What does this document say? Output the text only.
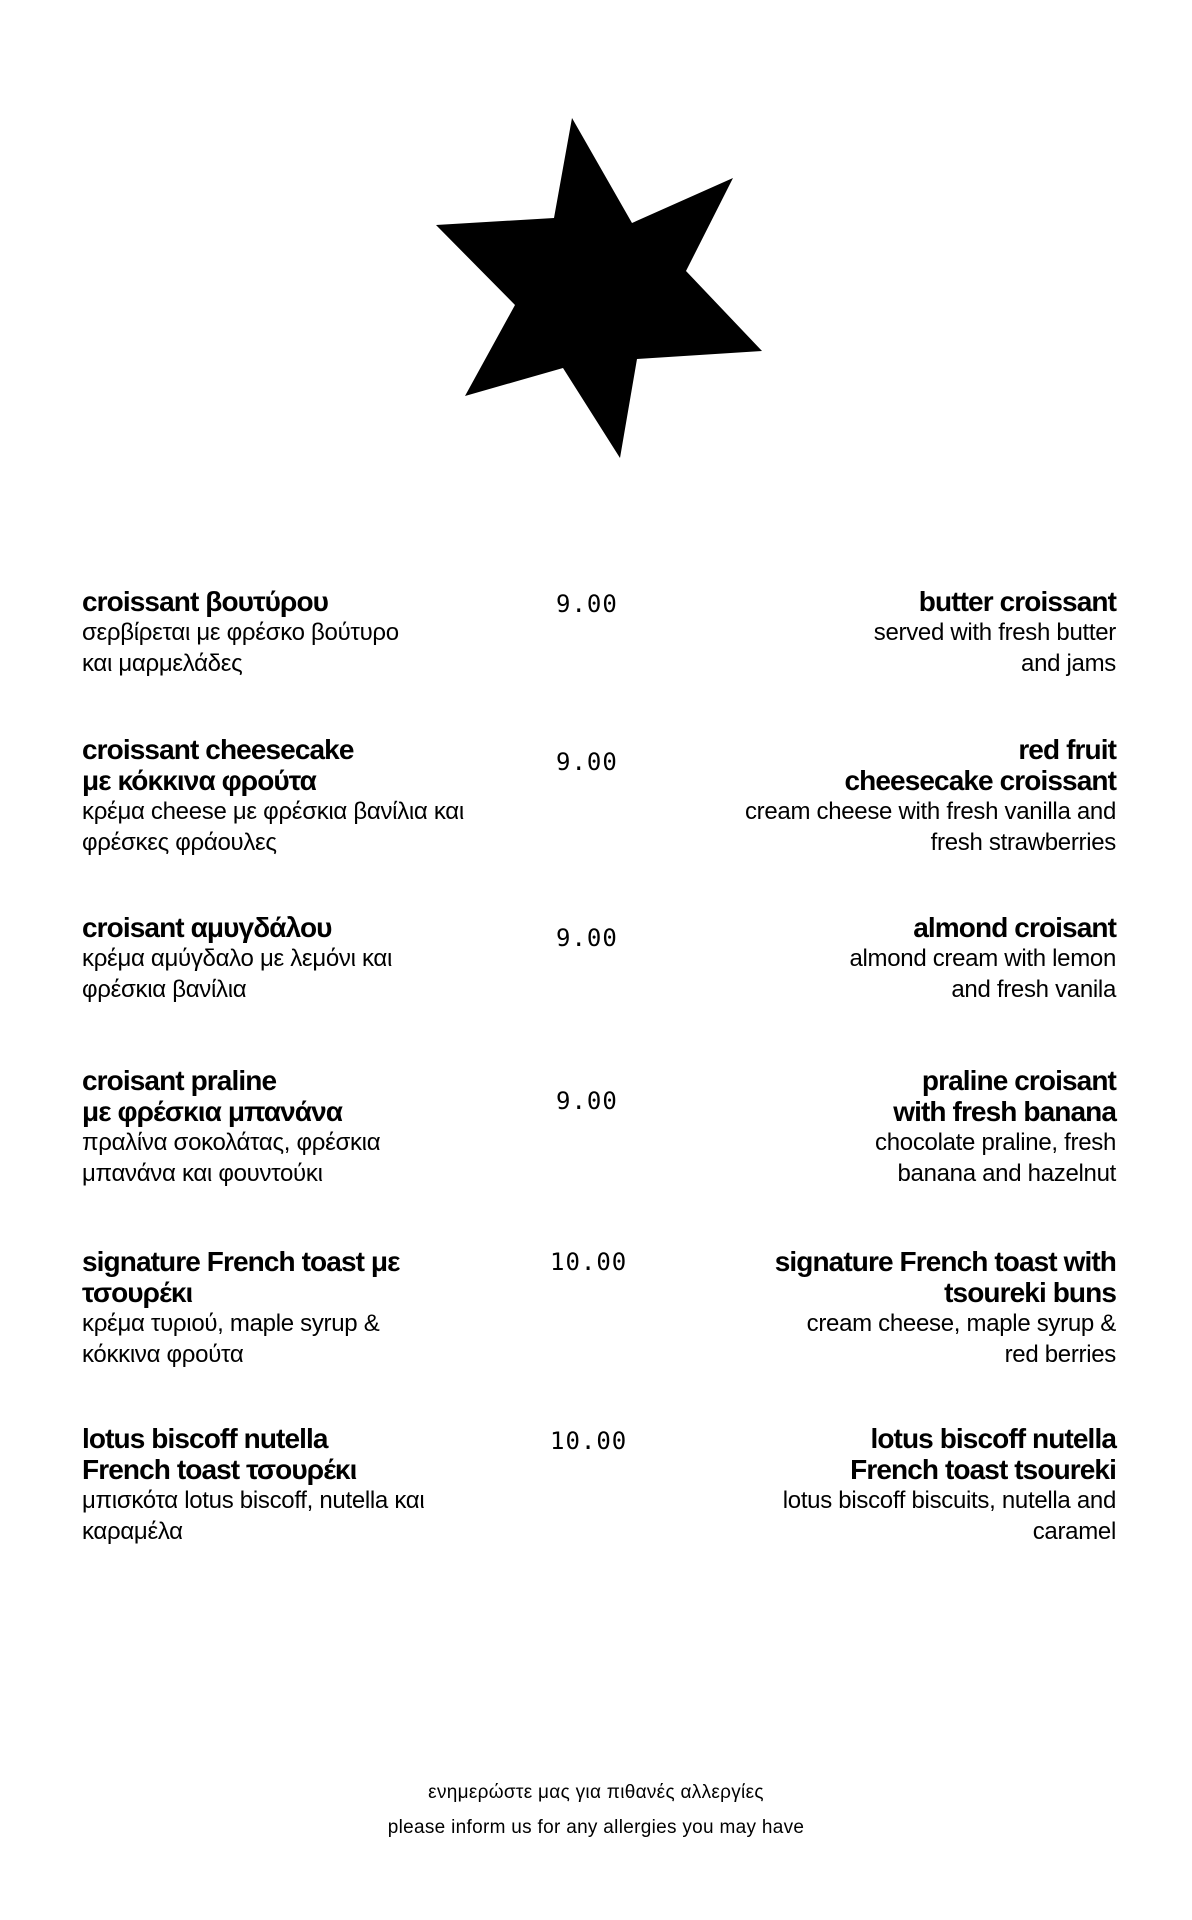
croissant βουτύρου
σερβίρεται με φρέσκο βούτυρο
και μαρμελάδες
9.00	butter croissant
served with fresh butter
and jams
croissant cheesecake
με κόκκινα φρούτα
κρέμα cheese με φρέσκια βανίλια και
φρέσκες φράουλες
9.00	red fruit
cheesecake croissant
cream cheese with fresh vanilla and
fresh strawberries
croisant αμυγδάλου
κρέμα αμύγδαλο με λεμόνι και
φρέσκια βανίλια
9.00	almond croisant
almond cream with lemon
and fresh vanila
croisant praline
με φρέσκια μπανάνα
πραλίνα σοκολάτας, φρέσκια
μπανάνα και φουντούκι
9.00
praline croisant
with fresh banana
chocolate praline, fresh
banana and hazelnut
signature French toast με
τσουρέκι
κρέμα τυριού, maple syrup &
κόκκινα φρούτα
10.00	signature French toast with
tsoureki buns
cream cheese, maple syrup &
red berries
lotus biscoff nutella
French toast τσουρέκι
μπισκότα lotus biscoff, nutella και
καραμέλα
10.00	lotus biscoff nutella
French toast tsoureki
lotus biscoff biscuits, nutella and
caramel
ενημερώστε μας για πιθανές αλλεργίες
please inform us for any allergies you may have
